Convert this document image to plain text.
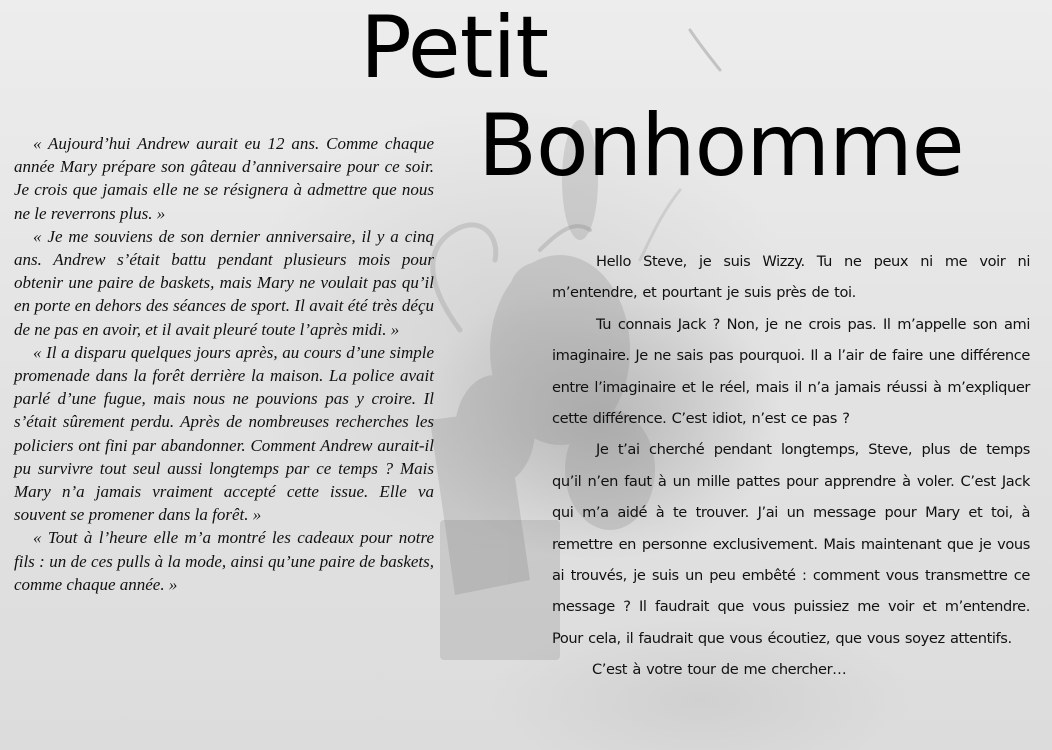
Petit
Bonhomme

« Aujourd’hui Andrew aurait eu 12 ans. Comme chaque année Mary prépare son gâteau d’anniversaire pour ce soir. Je crois que jamais elle ne se résignera à admettre que nous ne le reverrons plus. »

« Je me souviens de son dernier anniversaire, il y a cinq ans. Andrew s’était battu pendant plusieurs mois pour obtenir une paire de baskets, mais Mary ne voulait pas qu’il en porte en dehors des séances de sport. Il avait été très déçu de ne pas en avoir, et il avait pleuré toute l’après midi. »

« Il a disparu quelques jours après, au cours d’une simple promenade dans la forêt derrière la maison. La police avait parlé d’une fugue, mais nous ne pouvions pas y croire. Il s’était sûrement perdu. Après de nombreuses recherches les policiers ont fini par abandonner. Comment Andrew aurait-il pu survivre tout seul aussi longtemps par ce temps ? Mais Mary n’a jamais vraiment accepté cette issue. Elle va souvent se promener dans la forêt. »

« Tout à l’heure elle m’a montré les cadeaux pour notre fils : un de ces pulls à la mode, ainsi qu’une paire de baskets, comme chaque année. »

Hello Steve, je suis Wizzy. Tu ne peux ni me voir ni m’entendre, et pourtant je suis près de toi.

Tu connais Jack ? Non, je ne crois pas. Il m’appelle son ami imaginaire. Je ne sais pas pourquoi. Il a l’air de faire une différence entre l’imaginaire et le réel, mais il n’a jamais réussi à m’expliquer cette différence. C’est idiot, n’est ce pas ?

Je t’ai cherché pendant longtemps, Steve, plus de temps qu’il n’en faut à un mille pattes pour apprendre à voler. C’est Jack qui m’a aidé à te trouver. J’ai un message pour Mary et toi, à remettre en personne exclusivement. Mais maintenant que je vous ai trouvés, je suis un peu embêté : comment vous transmettre ce message ? Il faudrait que vous puissiez me voir et m’entendre. Pour cela, il faudrait que vous écoutiez, que vous soyez attentifs.

C’est à votre tour de me chercher…
